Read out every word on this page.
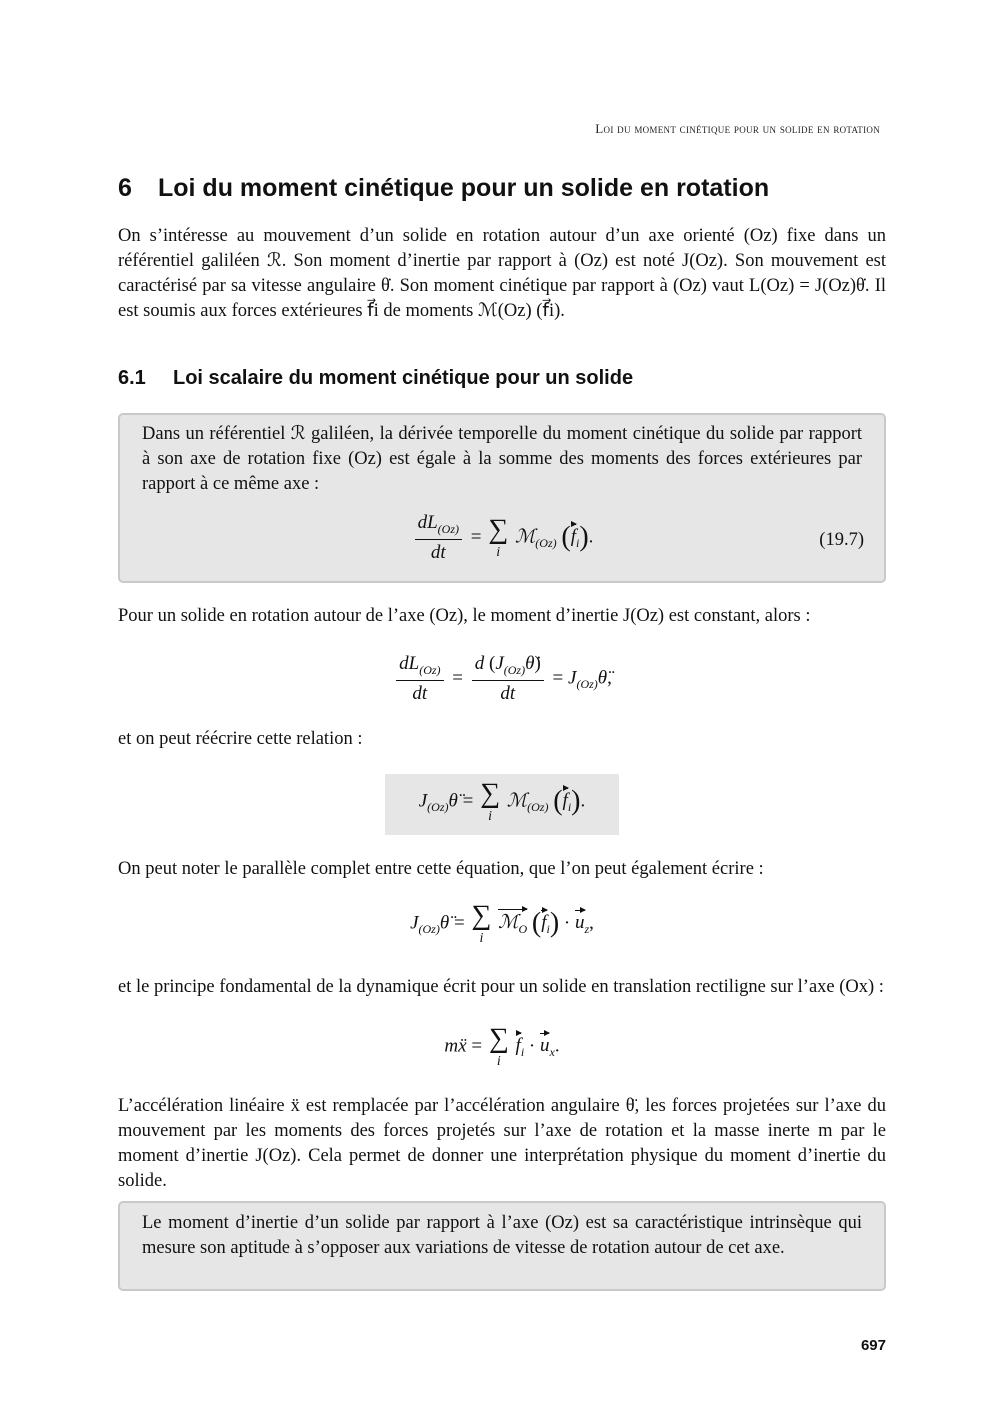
Loi du moment cinétique pour un solide en rotation
6 Loi du moment cinétique pour un solide en rotation

On s’intéresse au mouvement d’un solide en rotation autour d’un axe orienté (Oz) fixe dans un référentiel galiléen ℛ. Son moment d’inertie par rapport à (Oz) est noté J(Oz). Son mouvement est caractérisé par sa vitesse angulaire θ̇. Son moment cinétique par rapport à (Oz) vaut L(Oz) = J(Oz)θ̇. Il est soumis aux forces extérieures f⃗i de moments ℳ(Oz) (f⃗i).

6.1 Loi scalaire du moment cinétique pour un solide

Dans un référentiel ℛ galiléen, la dérivée temporelle du moment cinétique du solide par rapport à son axe de rotation fixe (Oz) est égale à la somme des moments des forces extérieures par rapport à ce même axe :

$\frac{dL_{(Oz)}}{dt}$ = ∑
i
ℳ$_{(Oz)}$ $(f_i)$.	(19.7)

Pour un solide en rotation autour de l’axe (Oz), le moment d’inertie J(Oz) est constant, alors :

$\frac{dL_{(Oz)}}{dt} = \frac{d (J_{(Oz)}\thetȧ)}{dt}$ = $J_{(Oz)}\thetä$,

et on peut réécrire cette relation :

$J_{(Oz)}\thetä$ = ∑
i
ℳ$_{(Oz)}$ $(f_i)$.

On peut noter le parallèle complet entre cette équation, que l’on peut également écrire :

$J_{(Oz)}\thetä$ = ∑
i
ℳ$_O$ $(f_i) \cdot u_z$,

et le principe fondamental de la dynamique écrit pour un solide en translation rectiligne sur l’axe (Ox) :

mẍ = ∑
i
$f_i \cdot u_x$.

L’accélération linéaire ẍ est remplacée par l’accélération angulaire θ̈, les forces projetées sur l’axe du mouvement par les moments des forces projetés sur l’axe de rotation et la masse inerte m par le moment d’inertie J(Oz). Cela permet de donner une interprétation physique du moment d’inertie du solide.

Le moment d’inertie d’un solide par rapport à l’axe (Oz) est sa caractéristique intrinsèque qui mesure son aptitude à s’opposer aux variations de vitesse de rotation autour de cet axe.

697
